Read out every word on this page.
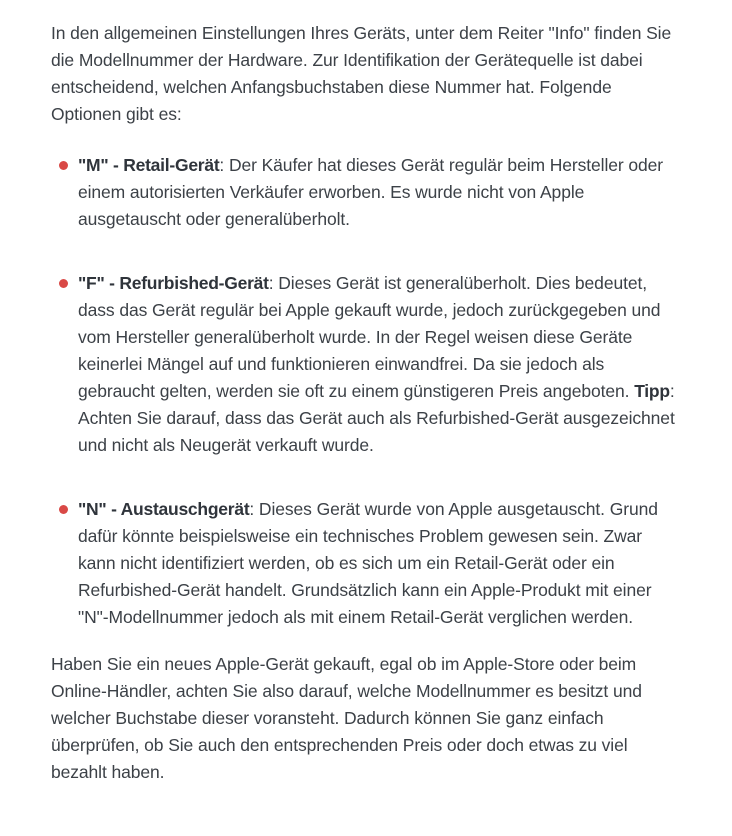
In den allgemeinen Einstellungen Ihres Geräts, unter dem Reiter "Info" finden Sie die Modellnummer der Hardware. Zur Identifikation der Gerätequelle ist dabei entscheidend, welchen Anfangsbuchstaben diese Nummer hat. Folgende Optionen gibt es:

"M" - Retail-Gerät: Der Käufer hat dieses Gerät regulär beim Hersteller oder einem autorisierten Verkäufer erworben. Es wurde nicht von Apple ausgetauscht oder generalüberholt.
"F" - Refurbished-Gerät: Dieses Gerät ist generalüberholt. Dies bedeutet, dass das Gerät regulär bei Apple gekauft wurde, jedoch zurückgegeben und vom Hersteller generalüberholt wurde. In der Regel weisen diese Geräte keinerlei Mängel auf und funktionieren einwandfrei. Da sie jedoch als gebraucht gelten, werden sie oft zu einem günstigeren Preis angeboten. Tipp: Achten Sie darauf, dass das Gerät auch als Refurbished-Gerät ausgezeichnet und nicht als Neugerät verkauft wurde.
"N" - Austauschgerät: Dieses Gerät wurde von Apple ausgetauscht. Grund dafür könnte beispielsweise ein technisches Problem gewesen sein. Zwar kann nicht identifiziert werden, ob es sich um ein Retail-Gerät oder ein Refurbished-Gerät handelt. Grundsätzlich kann ein Apple-Produkt mit einer "N"-Modellnummer jedoch als mit einem Retail-Gerät verglichen werden.

Haben Sie ein neues Apple-Gerät gekauft, egal ob im Apple-Store oder beim Online-Händler, achten Sie also darauf, welche Modellnummer es besitzt und welcher Buchstabe dieser voransteht. Dadurch können Sie ganz einfach überprüfen, ob Sie auch den entsprechenden Preis oder doch etwas zu viel bezahlt haben.
